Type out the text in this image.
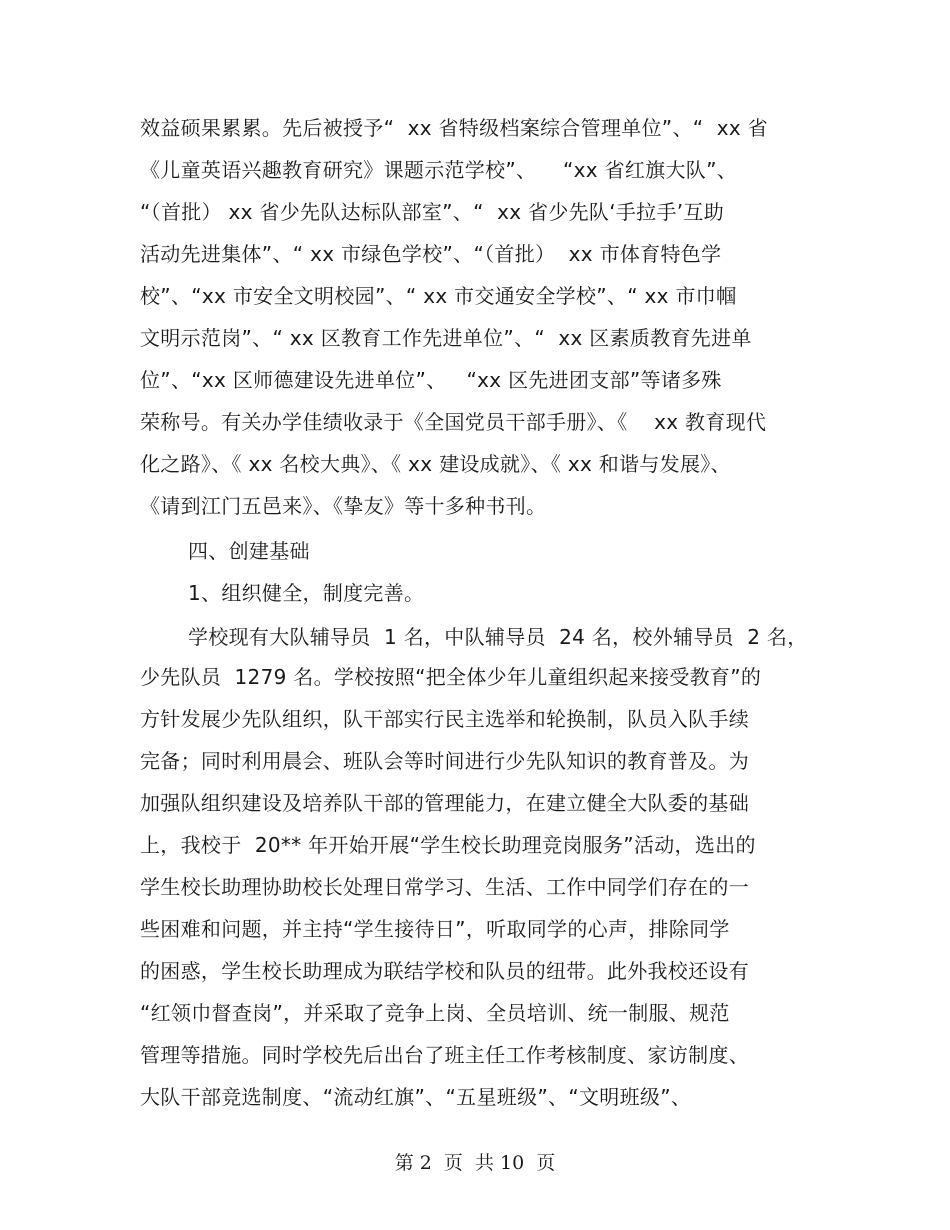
效益硕果累累。先后被授予“  xx 省特级档案综合管理单位”、“  xx 省
《儿童英语兴趣教育研究》课题示范学校”、    “xx 省红旗大队”、
“（首批） xx 省少先队达标队部室”、“  xx 省少先队‘手拉手’互助
活动先进集体”、“ xx 市绿色学校”、“（首批）  xx 市体育特色学
校”、“xx 市安全文明校园”、“ xx 市交通安全学校”、“ xx 市巾帼
文明示范岗”、“ xx 区教育工作先进单位”、“  xx 区素质教育先进单
位”、“xx 区师德建设先进单位”、   “xx 区先进团支部”等诸多殊
荣称号。有关办学佳绩收录于《全国党员干部手册》、《    xx 教育现代
化之路》、《 xx 名校大典》、《 xx 建设成就》、《 xx 和谐与发展》、
《请到江门五邑来》、《挚友》等十多种书刊。
四、创建基础
1、组织健全，制度完善。
学校现有大队辅导员  1 名，中队辅导员  24 名，校外辅导员  2 名，
少先队员  1279 名。学校按照“把全体少年儿童组织起来接受教育”的
方针发展少先队组织，队干部实行民主选举和轮换制，队员入队手续
完备；同时利用晨会、班队会等时间进行少先队知识的教育普及。为
加强队组织建设及培养队干部的管理能力，在建立健全大队委的基础
上，我校于  20** 年开始开展“学生校长助理竞岗服务”活动，选出的
学生校长助理协助校长处理日常学习、生活、工作中同学们存在的一
些困难和问题，并主持“学生接待日”，听取同学的心声，排除同学
的困惑，学生校长助理成为联结学校和队员的纽带。此外我校还设有
“红领巾督查岗”，并采取了竞争上岗、全员培训、统一制服、规范
管理等措施。同时学校先后出台了班主任工作考核制度、家访制度、
大队干部竞选制度、“流动红旗”、“五星班级”、“文明班级”、
第 2  页  共 10  页
